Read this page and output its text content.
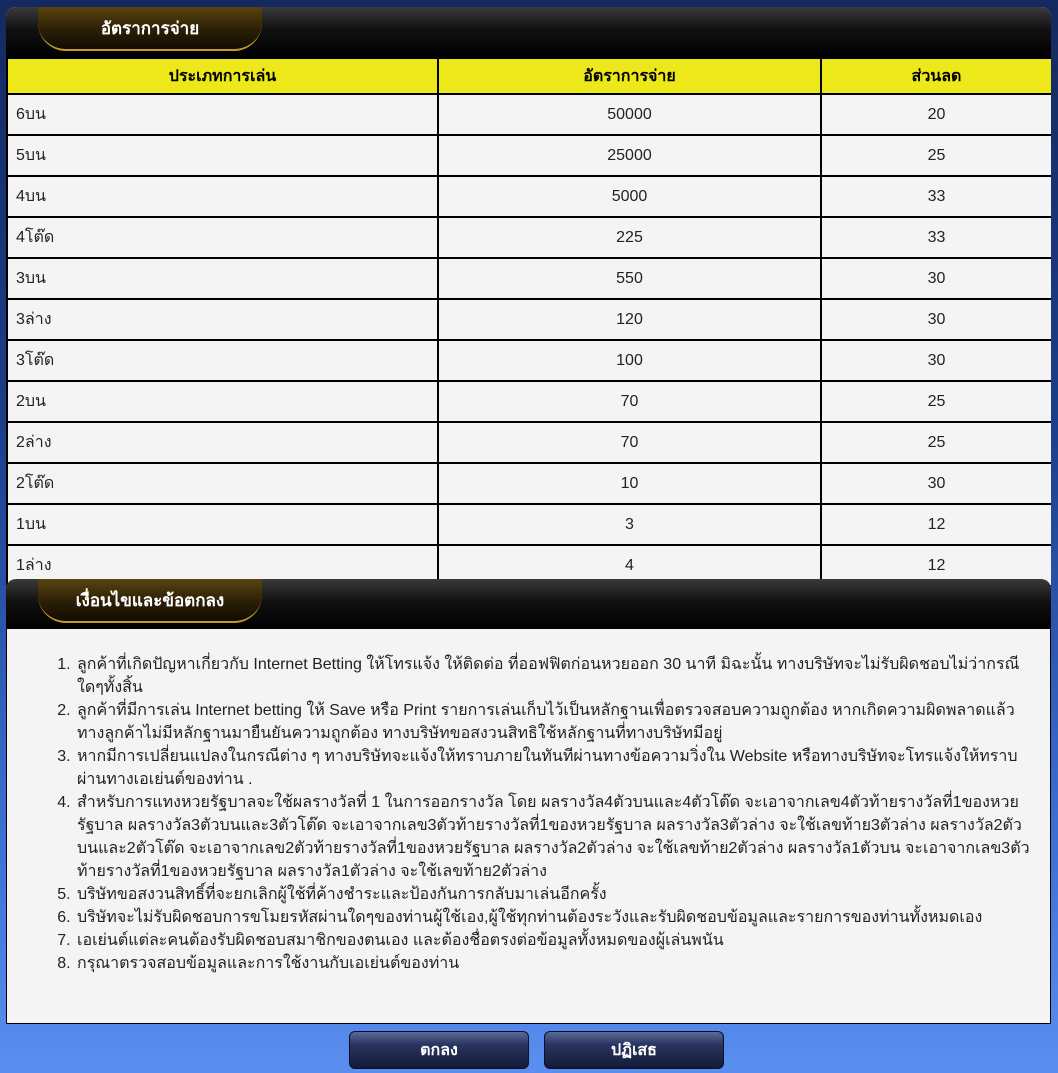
อัตราการจ่าย
ประเภทการเล่น	อัตราการจ่าย	ส่วนลด
6บน	50000	20
5บน	25000	25
4บน	5000	33
4โต๊ด	225	33
3บน	550	30
3ล่าง	120	30
3โต๊ด	100	30
2บน	70	25
2ล่าง	70	25
2โต๊ด	10	30
1บน	3	12
1ล่าง	4	12
เงื่อนไขและข้อตกลง
1. ลูกค้าที่เกิดปัญหาเกี่ยวกับ Internet Betting ให้โทรแจ้ง ให้ติดต่อ ที่ออฟฟิตก่อนหวยออก 30 นาที มิฉะนั้น ทางบริษัทจะไม่รับผิดชอบไม่ว่ากรณีใดๆทั้งสิ้น
2. ลูกค้าที่มีการเล่น Internet betting ให้ Save หรือ Print รายการเล่นเก็บไว้เป็นหลักฐานเพื่อตรวจสอบความถูกต้อง หากเกิดความผิดพลาดแล้วทางลูกค้าไม่มีหลักฐานมายืนยันความถูกต้อง ทางบริษัทขอสงวนสิทธิใช้หลักฐานที่ทางบริษัทมีอยู่
3. หากมีการเปลี่ยนแปลงในกรณีต่าง ๆ ทางบริษัทจะแจ้งให้ทราบภายในทันทีผ่านทางข้อความวิ่งใน Website หรือทางบริษัทจะโทรแจ้งให้ทราบผ่านทางเอเย่นต์ของท่าน .
4. สำหรับการแทงหวยรัฐบาลจะใช้ผลรางวัลที่ 1 ในการออกรางวัล โดย ผลรางวัล4ตัวบนและ4ตัวโต๊ด จะเอาจากเลข4ตัวท้ายรางวัลที่1ของหวยรัฐบาล ผลรางวัล3ตัวบนและ3ตัวโต๊ด จะเอาจากเลข3ตัวท้ายรางวัลที่1ของหวยรัฐบาล ผลรางวัล3ตัวล่าง จะใช้เลขท้าย3ตัวล่าง ผลรางวัล2ตัวบนและ2ตัวโต๊ด จะเอาจากเลข2ตัวท้ายรางวัลที่1ของหวยรัฐบาล ผลรางวัล2ตัวล่าง จะใช้เลขท้าย2ตัวล่าง ผลรางวัล1ตัวบน จะเอาจากเลข3ตัวท้ายรางวัลที่1ของหวยรัฐบาล ผลรางวัล1ตัวล่าง จะใช้เลขท้าย2ตัวล่าง
5. บริษัทขอสงวนสิทธิ์ที่จะยกเลิกผู้ใช้ที่ค้างชำระและป้องกันการกลับมาเล่นอีกครั้ง
6. บริษัทจะไม่รับผิดชอบการขโมยรหัสผ่านใดๆของท่านผู้ใช้เอง,ผู้ใช้ทุกท่านต้องระวังและรับผิดชอบข้อมูลและรายการของท่านทั้งหมดเอง
7. เอเย่นต์แต่ละคนต้องรับผิดชอบสมาชิกของตนเอง และต้องชื่อตรงต่อข้อมูลทั้งหมดของผู้เล่นพนัน
8. กรุณาตรวจสอบข้อมูลและการใช้งานกับเอเย่นต์ของท่าน
ตกลง	ปฏิเสธ
